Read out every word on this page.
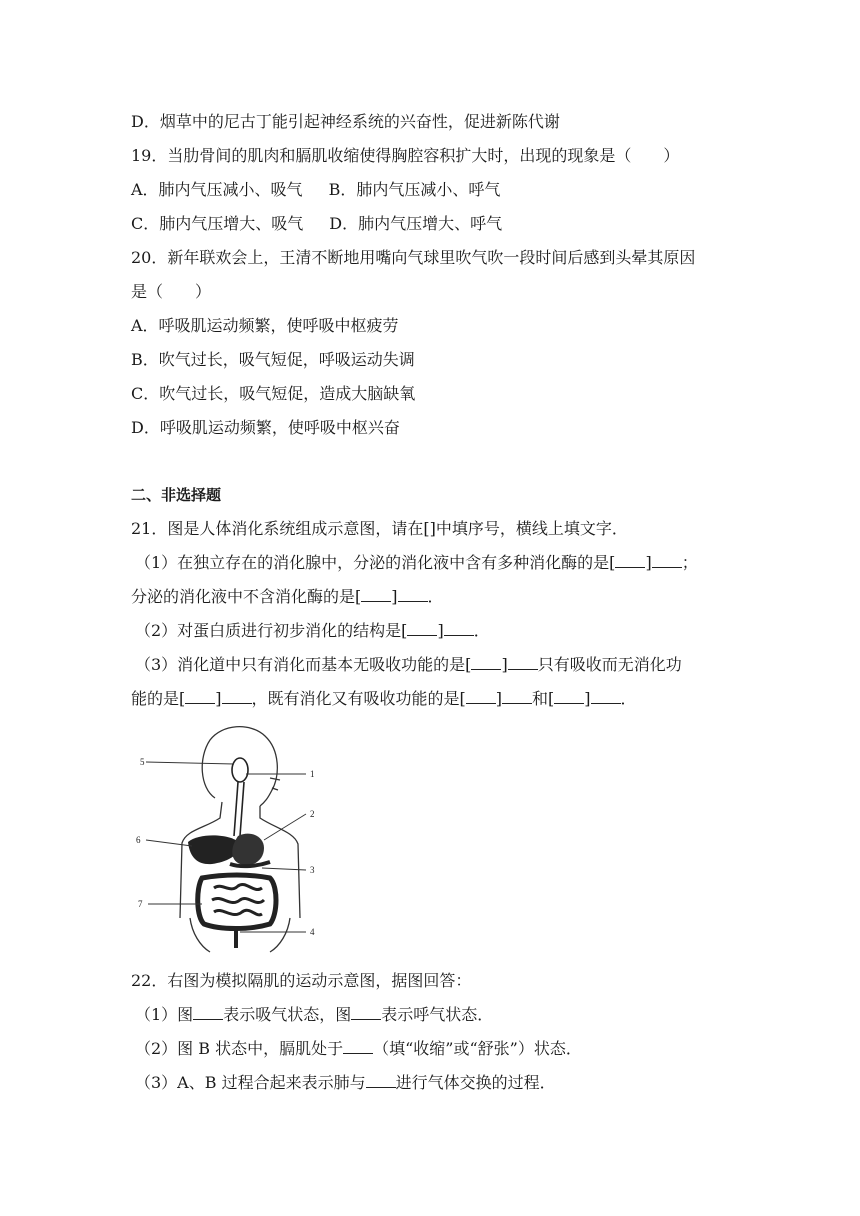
D．烟草中的尼古丁能引起神经系统的兴奋性，促进新陈代谢
19．当肋骨间的肌肉和膈肌收缩使得胸腔容积扩大时，出现的现象是（　　）
A．肺内气压减小、吸气 B．肺内气压减小、呼气
C．肺内气压增大、吸气 D．肺内气压增大、呼气
20．新年联欢会上，王清不断地用嘴向气球里吹气吹一段时间后感到头晕其原因
是（　　）
A．呼吸肌运动频繁，使呼吸中枢疲劳
B．吹气过长，吸气短促，呼吸运动失调
C．吹气过长，吸气短促，造成大脑缺氧
D．呼吸肌运动频繁，使呼吸中枢兴奋
二、非选择题
21．图是人体消化系统组成示意图，请在[]中填序号，横线上填文字．
（1）在独立存在的消化腺中，分泌的消化液中含有多种消化酶的是[ ] ；
分泌的消化液中不含消化酶的是[ ] ．
（2）对蛋白质进行初步消化的结构是[ ] ．
（3）消化道中只有消化而基本无吸收功能的是[ ] 只有吸收而无消化功
能的是[ ] ，既有消化又有吸收功能的是[ ] 和[ ] ．
5
1
2
6
3
7
4
22．右图为模拟隔肌的运动示意图，据图回答：
（1）图 表示吸气状态，图 表示呼气状态．
（2）图 B 状态中，膈肌处于 （填“收缩”或“舒张”）状态．
（3）A、B 过程合起来表示肺与 进行气体交换的过程．
